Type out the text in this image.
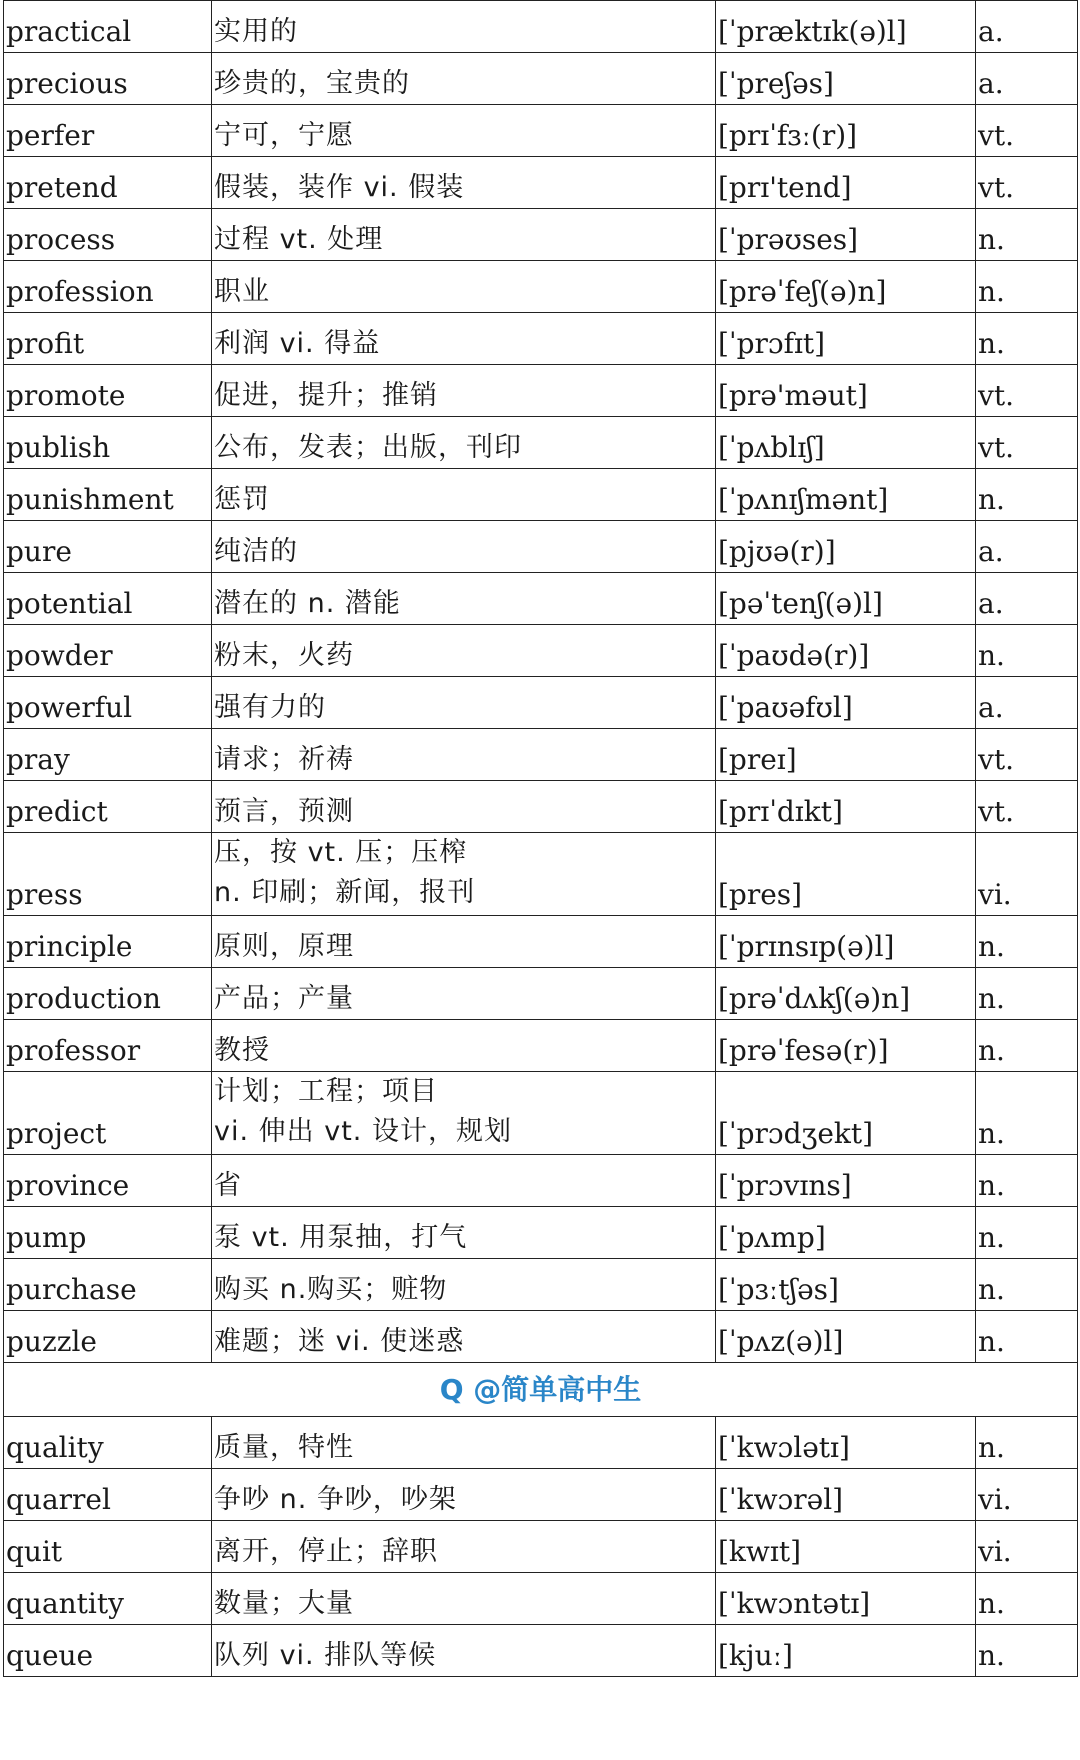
practical	实用的	[ˈpræktɪk(ə)l]	a.
precious	珍贵的，宝贵的	[ˈpreʃəs]	a.
perfer	宁可，宁愿	[prɪˈfɜː(r)]	vt.
pretend	假装，装作 vi. 假装	[prɪ'tend]	vt.
process	过程 vt. 处理	[ˈprəʊses]	n.
profession	职业	[prəˈfeʃ(ə)n]	n.
profit	利润 vi. 得益	[ˈprɔfɪt]	n.
promote	促进，提升；推销	[prə'məut]	vt.
publish	公布，发表；出版，刊印	[ˈpʌblɪʃ]	vt.
punishment	惩罚	[ˈpʌnɪʃmənt]	n.
pure	纯洁的	[pjʊə(r)]	a.
potential	潜在的 n. 潜能	[pəˈtenʃ(ə)l]	a.
powder	粉末，火药	[ˈpaʊdə(r)]	n.
powerful	强有力的	[ˈpaʊəfʊl]	a.
pray	请求；祈祷	[preɪ]	vt.
predict	预言，预测	[prɪˈdɪkt]	vt.
press	压，按 vt. 压；压榨
n. 印刷；新闻，报刊	[pres]	vi.
principle	原则，原理	[ˈprɪnsɪp(ə)l]	n.
production	产品；产量	[prəˈdʌkʃ(ə)n]	n.
professor	教授	[prəˈfesə(r)]	n.
project	计划；工程；项目
vi. 伸出 vt. 设计，规划	[ˈprɔdʒekt]	n.
province	省	[ˈprɔvɪns]	n.
pump	泵 vt. 用泵抽，打气	[ˈpʌmp]	n.
purchase	购买 n.购买；赃物	[ˈpɜːtʃəs]	n.
puzzle	难题；迷 vi. 使迷惑	[ˈpʌz(ə)l]	n.
Q @简单高中生			
quality	质量，特性	[ˈkwɔlətɪ]	n.
quarrel	争吵 n. 争吵，吵架	[ˈkwɔrəl]	vi.
quit	离开，停止；辞职	[kwɪt]	vi.
quantity	数量；大量	[ˈkwɔntətɪ]	n.
queue	队列 vi. 排队等候	[kjuː]	n.
